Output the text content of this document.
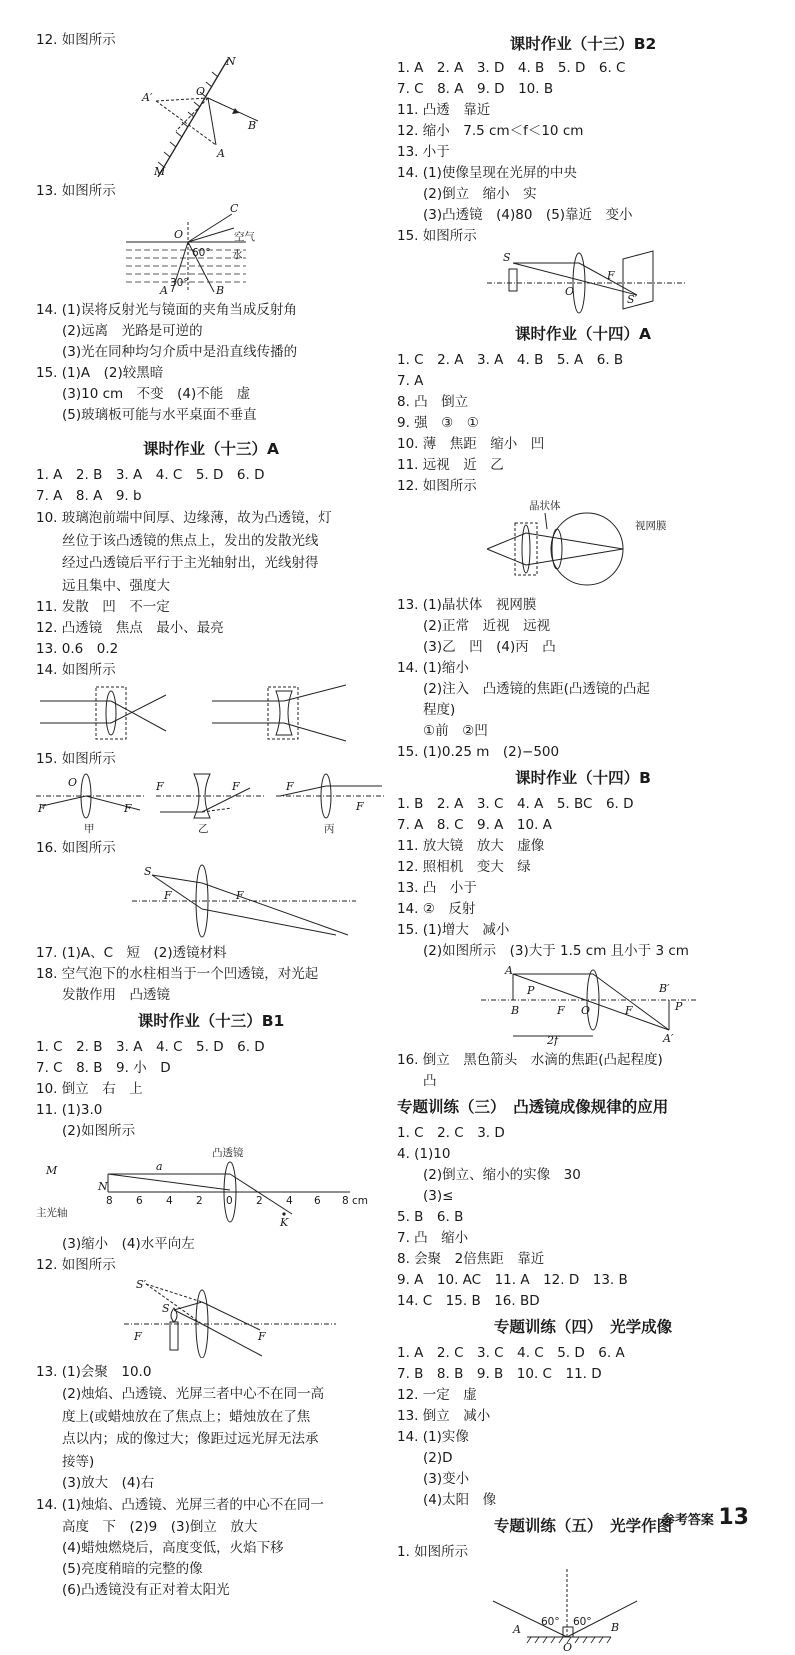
12. 如图所示
N
A′	O
B
A
M
13. 如图所示
C
O	空气
水
60°
30°
A	B
14. (1)误将反射光与镜面的夹角当成反射角
(2)远离　光路是可逆的
(3)光在同种均匀介质中是沿直线传播的
15. (1)A　(2)较黑暗
(3)10 cm　不变　(4)不能　虚
(5)玻璃板可能与水平桌面不垂直
课时作业（十三）A
1. A　2. B　3. A　4. C　5. D　6. D
7. A　8. A　9. b
10. 玻璃泡前端中间厚、边缘薄，故为凸透镜，灯
丝位于该凸透镜的焦点上，发出的发散光线
经过凸透镜后平行于主光轴射出，光线射得
远且集中、强度大
11. 发散　凹　不一定
12. 凸透镜　焦点　最小、最亮
13. 0.6　0.2
14. 如图所示
15. 如图所示
O
F	F
F	F	F
F
甲	乙	丙
16. 如图所示
S
F	F
17. (1)A、C　短　(2)透镜材料
18. 空气泡下的水柱相当于一个凹透镜，对光起
发散作用　凸透镜
课时作业（十三）B1
1. C　2. B　3. A　4. C　5. D　6. D
7. C　8. B　9. 小　D
10. 倒立　右　上
11. (1)3.0
(2)如图所示
凸透镜
M
N
a
K
主光轴
8 6 4 2 0 2 4 6 8 cm
(3)缩小　(4)水平向左
12. 如图所示
S′
S
F	F
13. (1)会聚　10.0
(2)烛焰、凸透镜、光屏三者中心不在同一高
度上(或蜡烛放在了焦点上；蜡烛放在了焦
点以内；成的像过大；像距过远光屏无法承
接等)
(3)放大　(4)右
14. (1)烛焰、凸透镜、光屏三者的中心不在同一
高度　下　(2)9　(3)倒立　放大
(4)蜡烛燃烧后，高度变低，火焰下移
(5)亮度稍暗的完整的像
(6)凸透镜没有正对着太阳光
课时作业（十三）B2
1. A　2. A　3. D　4. B　5. D　6. C
7. C　8. A　9. D　10. B
11. 凸透　靠近
12. 缩小　7.5 cm＜f＜10 cm
13. 小于
14. (1)使像呈现在光屏的中央
(2)倒立　缩小　实
(3)凸透镜　(4)80　(5)靠近　变小
15. 如图所示
S
O
F
S′
课时作业（十四）A
1. C　2. A　3. A　4. B　5. A　6. B
7. A
8. 凸　倒立
9. 强　③　①
10. 薄　焦距　缩小　凹
11. 远视　近　乙
12. 如图所示
晶状体
视网膜
13. (1)晶状体　视网膜
(2)正常　近视　远视
(3)乙　凹　(4)丙　凸
14. (1)缩小
(2)注入　凸透镜的焦距(凸透镜的凸起
程度)
①前　②凹
15. (1)0.25 m　(2)−500
课时作业（十四）B
1. B　2. A　3. C　4. A　5. BC　6. D
7. A　8. C　9. A　10. A
11. 放大镜　放大　虚像
12. 照相机　变大　绿
13. 凸　小于
14. ②　反射
15. (1)增大　减小
(2)如图所示　(3)大于 1.5 cm 且小于 3 cm
A
B
P
F O	F
B′
P
A′
2f
16. 倒立　黑色箭头　水滴的焦距(凸起程度)
凸
专题训练（三）　凸透镜成像规律的应用
1. C　2. C　3. D
4. (1)10
(2)倒立、缩小的实像　30
(3)≤
5. B　6. B
7. 凸　缩小
8. 会聚　2倍焦距　靠近
9. A　10. AC　11. A　12. D　13. B
14. C　15. B　16. BD
专题训练（四）　光学成像
1. A　2. C　3. C　4. C　5. D　6. A
7. B　8. B　9. B　10. C　11. D
12. 一定　虚
13. 倒立　减小
14. (1)实像
(2)D
(3)变小
(4)太阳　像
专题训练（五）　光学作图
1. 如图所示
A
60° 60° B
O
参考答案 13
